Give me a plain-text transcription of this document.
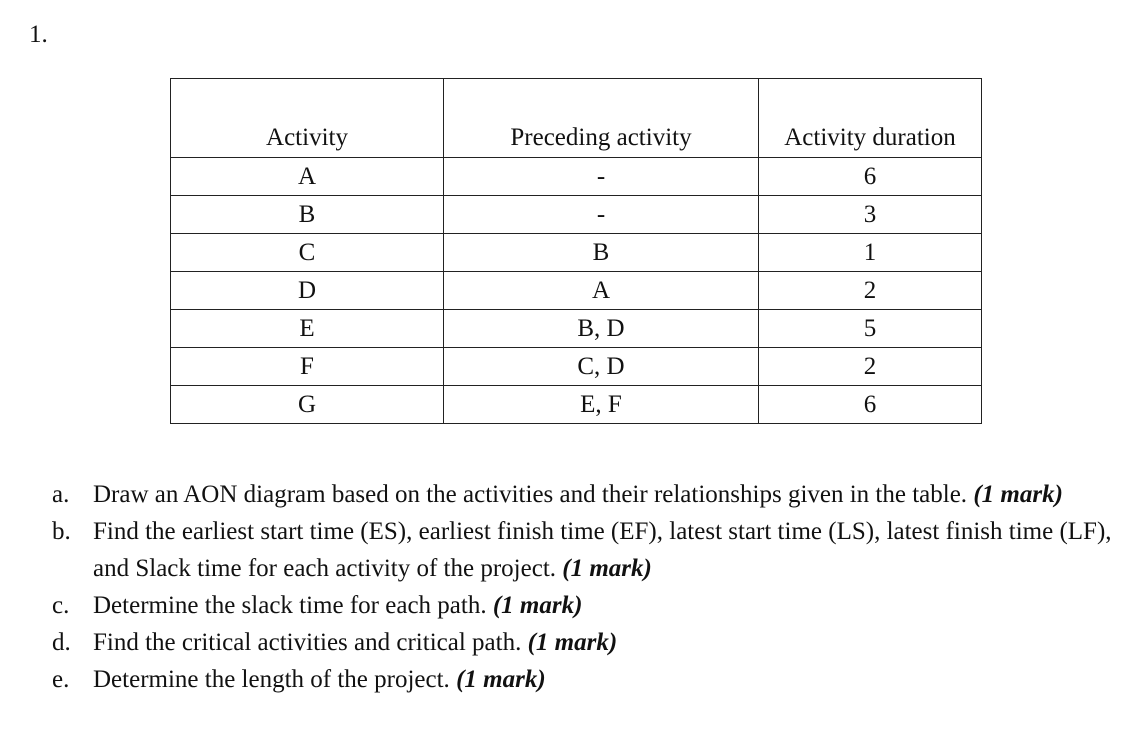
1.
Activity	Preceding activity	Activity duration
A	-	6
B	-	3
C	B	1
D	A	2
E	B, D	5
F	C, D	2
G	E, F	6
a. Draw an AON diagram based on the activities and their relationships given in the table. (1 mark)
b. Find the earliest start time (ES), earliest finish time (EF), latest start time (LS), latest finish time (LF), and Slack time for each activity of the project. (1 mark)
c. Determine the slack time for each path. (1 mark)
d. Find the critical activities and critical path. (1 mark)
e. Determine the length of the project. (1 mark)
